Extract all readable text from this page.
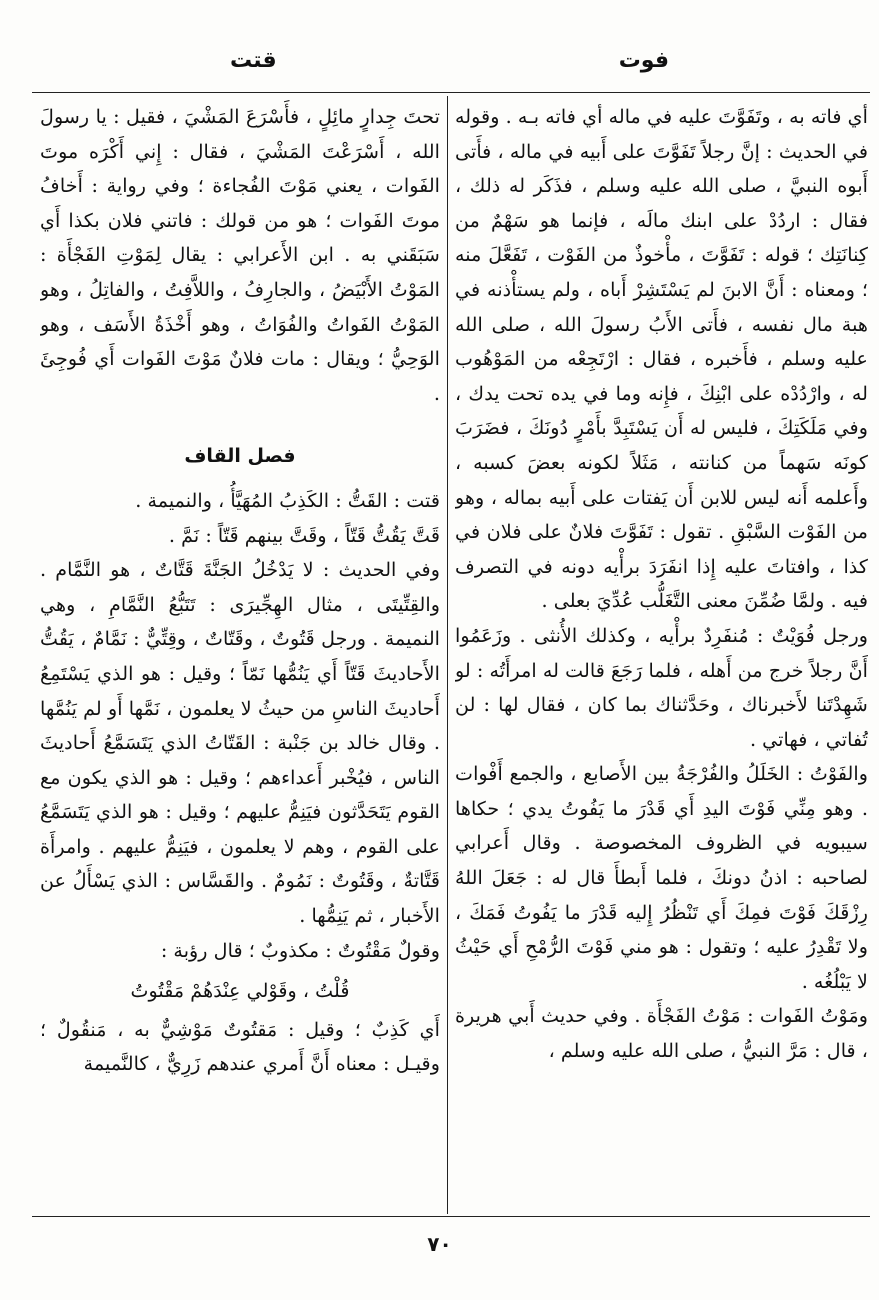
فوت
قتت

أي فاته به ، وتَفَوَّتَ عليه في ماله أي فاته بـه . وقوله في الحديث : إنَّ رجلاً تَفَوَّتَ على أَبيه في ماله ، فأَتى أَبوه النبيَّ ، صلى الله عليه وسلم ، فذَكَر له ذلك ، فقال : اردُدْ على ابنك مالَه ، فإنما هو سَهْمٌ من كِنانَتِك ؛ قوله : تَفَوَّتَ ، مأْخوذٌ من الفَوْت ، تَفَعَّلَ منه ؛ ومعناه : أَنَّ الابنَ لم يَسْتَشِرْ أَباه ، ولم يستأْذنه في هبة مال نفسه ، فأَتى الأَبُ رسولَ الله ، صلى الله عليه وسلم ، فأَخبره ، فقال : ارْتَجِعْه من المَوْهُوب له ، وارْدُدْه على ابْنِكَ ، فإِنه وما في يده تحت يدك ، وفي مَلَكَتِكَ ، فليس له أَن يَسْتَبِدَّ بأَمْرٍ دُونَكَ ، فضَرَبَ كونَه سَهماً من كنانته ، مَثَلاً لكونه بعضَ كسبه ، وأَعلمه أَنه ليس للابن أَن يَفتات على أَبيه بماله ، وهو من الفَوْت السَّبْقِ . تقول : تَفَوَّتَ فلانٌ على فلان في كذا ، وافتاتَ عليه إِذا انفَرَدَ برأْيه دونه في التصرف فيه . ولمَّا ضُمِّنَ معنى التَّغَلُّب عُدِّيَ بعلى .

ورجل فُوَيْتٌ : مُنفَرِدٌ برأْيه ، وكذلك الأُنثى . وزَعَمُوا أَنَّ رجلاً خرج من أَهله ، فلما رَجَعَ قالت له امرأَتُه : لو شَهِدْتَنا لأَخبرناك ، وحَدَّثناك بما كان ، فقال لها : لن تُفاتي ، فهاتي .

والفَوْتُ : الخَلَلُ والفُرْجَةُ بين الأَصابع ، والجمع أَفْوات . وهو مِنِّي فَوْتَ اليدِ أَي قَدْرَ ما يَفُوتُ يدي ؛ حكاها سيبويه في الظروف المخصوصة . وقال أَعرابي لصاحبه : اذنُ دونكَ ، فلما أَبطأَ قال له : جَعَلَ اللهُ رِزْقَكَ فَوْتَ فمِكَ أَي تَنْظُرُ إِليه قَدْرَ ما يَفُوتُ فَمَكَ ، ولا تَقْدِرُ عليه ؛ وتقول : هو مني فَوْتَ الرُّمْحِ أَي حَيْثُ لا يَبْلُغُه .

ومَوْتُ الفَوات : مَوْتُ الفَجْأَة . وفي حديث أَبي هريرة ، قال : مَرَّ النبيُّ ، صلى الله عليه وسلم ،

تحتَ جِدارٍ مائِلٍ ، فأَسْرَعَ المَشْيَ ، فقيل : يا رسولَ الله ، أَسْرَعْتَ المَشْيَ ، فقال : إِني أَكْرَه موتَ الفَوات ، يعني مَوْتَ الفُجاءة ؛ وفي رواية : أَخافُ موتَ الفَوات ؛ هو من قولك : فاتني فلان بكذا أَي سَبَقَني به . ابن الأَعرابي : يقال لِمَوْتِ الفَجْأَة : المَوْتُ الأَبْيَضُ ، والجارِفُ ، واللاَّفِتُ ، والفاتِلُ ، وهو المَوْتُ الفَواتُ والفُوَاتُ ، وهو أَخْذَةُ الأَسَف ، وهو الوَحِيُّ ؛ ويقال : مات فلانٌ مَوْتَ الفَوات أَي فُوجِئَ .

فصل القاف

قتت : القَتُّ : الكَذِبُ المُهَيَّأُ ، والنميمة .

قَتَّ يَقُتُّ قَتّاً ، وقَتَّ بينهم قَتّاً : نَمَّ .

وفي الحديث : لا يَدْخُلُ الجَنَّةَ قَتَّاتٌ ، هو النَّمَّام . والقِتِّيتَى ، مثال الهِجِّيرَى : تَتَبُّعُ النَّمَّامِ ، وهي النميمة . ورجل قَتُوتٌ ، وقَتّاتٌ ، وقِتِّيٌّ : نَمَّامٌ ، يَقُتُّ الأَحاديثَ قَتّاً أَي يَنُمُّها نَمّاً ؛ وقيل : هو الذي يَسْتَمِعُ أَحاديثَ الناسِ من حيثُ لا يعلمون ، نَمَّها أَو لم يَنُمَّها . وقال خالد بن جَنْبة : القَتّاتُ الذي يَتَسَمَّعُ أَحاديثَ الناس ، فيُخْبر أَعداءهم ؛ وقيل : هو الذي يكون مع القوم يَتَحَدَّثون فيَنِمُّ عليهم ؛ وقيل : هو الذي يَتَسَمَّعُ على القوم ، وهم لا يعلمون ، فيَنِمُّ عليهم . وامرأَة قَتَّاتةٌ ، وقَتُوتٌ : نَمُومٌ . والقَسَّاس : الذي يَسْأَلُ عن الأَخبار ، ثم يَنِمُّها .

وقولٌ مَقْتُوتٌ : مكذوبٌ ؛ قال رؤبة :

قُلْتُ ، وقَوْلي عِنْدَهُمْ مَقْتُوتُ

أَي كَذِبٌ ؛ وقيل : مَقتُوتٌ مَوْشِيٌّ به ، مَنقُولٌ ؛ وقيـل : معناه أَنَّ أَمري عندهم زَرِيٌّ ، كالنَّميمة

٧٠
